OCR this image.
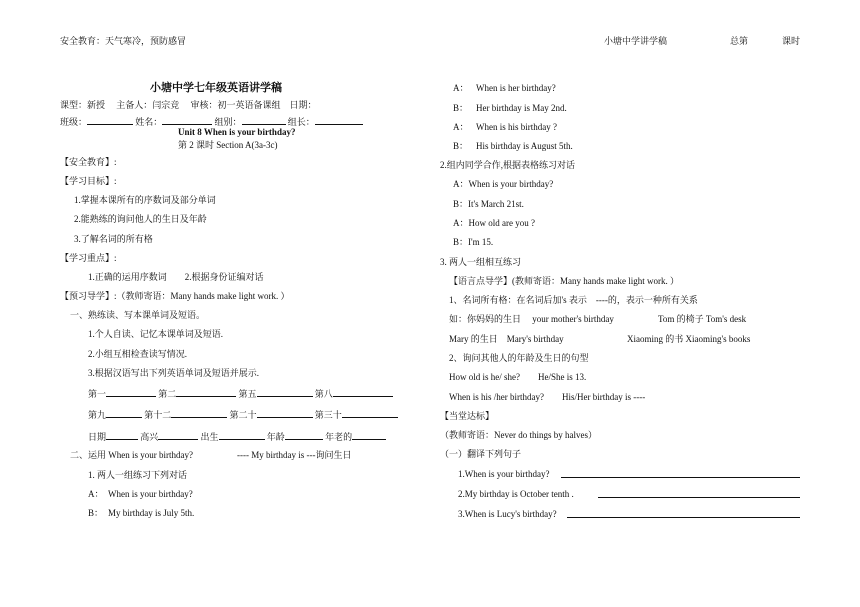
安全教育：天气寒冷，预防感冒	小塘中学讲学稿	总第	课时
小塘中学七年级英语讲学稿
课型：新授　 主备人：闫宗竞　 审核：初一英语备课组　日期：
班级：	姓名：	组别：	组长：
Unit 8 When is your birthday?
第 2 课时 Section A(3a-3c)
【安全教育】:
【学习目标】:
1.掌握本课所有的序数词及部分单词
2.能熟练的询问他人的生日及年龄
3.了解名词的所有格
【学习重点】:
1.正确的运用序数词　　2.根据身份证编对话
【预习导学】:（教师寄语：Many hands make light work. ）
一、熟练读、写本课单词及短语。
1.个人自读、记忆本课单词及短语.
2.小组互相检查读写情况.
3.根据汉语写出下列英语单词及短语并展示.
第一	第二	第五	第八
第九	第十二	第二十	第三十
日期	高兴	出生	年龄	年老的
二、运用 When is your birthday?	---- My birthday is ---询问生日
1. 两人一组练习下列对话
A： When is your birthday?
B： My birthday is July 5th.
A： When is her birthday?
B： Her birthday is May 2nd.
A： When is his birthday ?
B： His birthday is August 5th.
2.组内同学合作,根据表格练习对话
A：When is your birthday?
B：It's March 21st.
A：How old are you ?
B：I'm 15.
3. 两人一组相互练习
【语言点导学】(教师寄语：Many hands make light work. ）
1、名词所有格：在名词后加's 表示　----的，表示一种所有关系
如：你妈妈的生日　 your mother's birthday	Tom 的椅子 Tom's desk
Mary 的生日　Mary's birthday	Xiaoming 的书 Xiaoming's books
2、询问其他人的年龄及生日的句型
How old is he/ she?　　He/She is 13.
When is his /her birthday?　　His/Her birthday is ----
【当堂达标】
（教师寄语：Never do things by halves）
（一）翻译下列句子
1.When is your birthday?
2.My birthday is October tenth .
3.When is Lucy's birthday?
